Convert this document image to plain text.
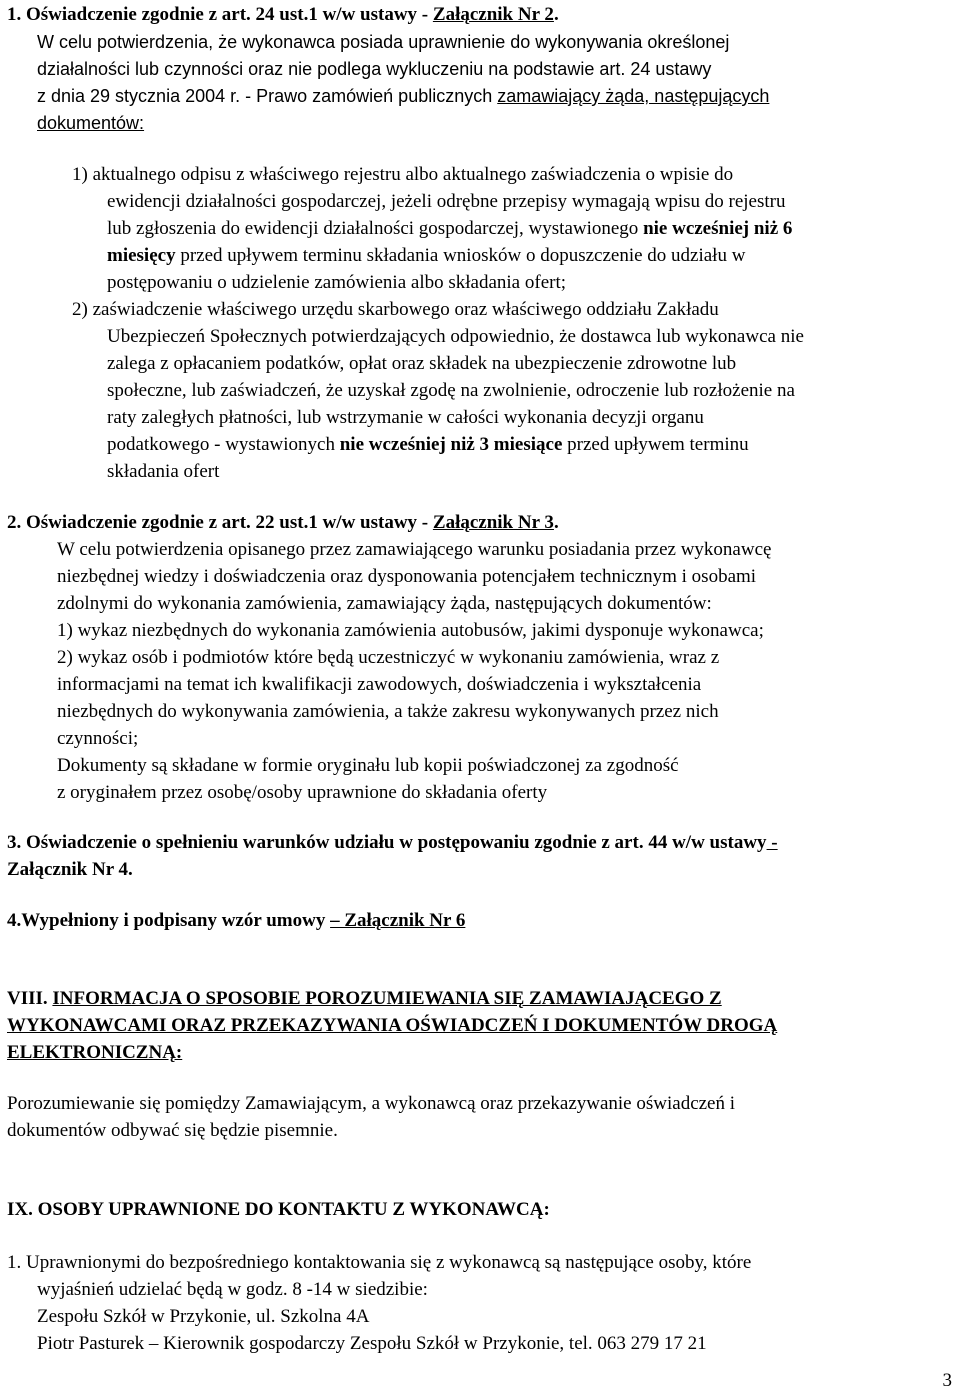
1. Oświadczenie zgodnie z art. 24 ust.1 w/w ustawy - Załącznik Nr 2.
W celu potwierdzenia, że wykonawca posiada uprawnienie do wykonywania określonej
działalności lub czynności oraz nie podlega wykluczeniu na podstawie art. 24 ustawy
z dnia 29 stycznia 2004 r. - Prawo zamówień publicznych zamawiający żąda, następujących
dokumentów:
1) aktualnego odpisu z właściwego rejestru albo aktualnego zaświadczenia o wpisie do
ewidencji działalności gospodarczej, jeżeli odrębne przepisy wymagają wpisu do rejestru
lub zgłoszenia do ewidencji działalności gospodarczej, wystawionego nie wcześniej niż 6
miesięcy przed upływem terminu składania wniosków o dopuszczenie do udziału w
postępowaniu o udzielenie zamówienia albo składania ofert;
2) zaświadczenie właściwego urzędu skarbowego oraz właściwego oddziału Zakładu
Ubezpieczeń Społecznych potwierdzających odpowiednio, że dostawca lub wykonawca nie
zalega z opłacaniem podatków, opłat oraz składek na ubezpieczenie zdrowotne lub
społeczne, lub zaświadczeń, że uzyskał zgodę na zwolnienie, odroczenie lub rozłożenie na
raty zaległych płatności, lub wstrzymanie w całości wykonania decyzji organu
podatkowego - wystawionych nie wcześniej niż 3 miesiące przed upływem terminu
składania ofert
2. Oświadczenie zgodnie z art. 22 ust.1 w/w ustawy - Załącznik Nr 3.
W celu potwierdzenia opisanego przez zamawiającego warunku posiadania przez wykonawcę
niezbędnej wiedzy i doświadczenia oraz dysponowania potencjałem technicznym i osobami
zdolnymi do wykonania zamówienia, zamawiający żąda, następujących dokumentów:
1) wykaz niezbędnych do wykonania zamówienia autobusów, jakimi dysponuje wykonawca;
2) wykaz osób i podmiotów które będą uczestniczyć w wykonaniu zamówienia, wraz z
informacjami na temat ich kwalifikacji zawodowych, doświadczenia i wykształcenia
niezbędnych do wykonywania zamówienia, a także zakresu wykonywanych przez nich
czynności;
Dokumenty są składane w formie oryginału lub kopii poświadczonej za zgodność
z oryginałem przez osobę/osoby uprawnione do składania oferty
3. Oświadczenie o spełnieniu warunków udziału w postępowaniu zgodnie z art. 44 w/w ustawy -
Załącznik Nr 4.
4.Wypełniony i podpisany wzór umowy – Załącznik Nr 6
VIII. INFORMACJA O SPOSOBIE POROZUMIEWANIA SIĘ ZAMAWIAJĄCEGO Z
WYKONAWCAMI ORAZ PRZEKAZYWANIA OŚWIADCZEŃ I DOKUMENTÓW DROGĄ
ELEKTRONICZNĄ:
Porozumiewanie się pomiędzy Zamawiającym, a wykonawcą oraz przekazywanie oświadczeń i
dokumentów odbywać się będzie pisemnie.
IX. OSOBY UPRAWNIONE DO KONTAKTU Z WYKONAWCĄ:
1. Uprawnionymi do bezpośredniego kontaktowania się z wykonawcą są następujące osoby, które
wyjaśnień udzielać będą w godz. 8 -14 w siedzibie:
Zespołu Szkół w Przykonie, ul. Szkolna 4A
Piotr Pasturek – Kierownik gospodarczy Zespołu Szkół w Przykonie, tel. 063 279 17 21
3
